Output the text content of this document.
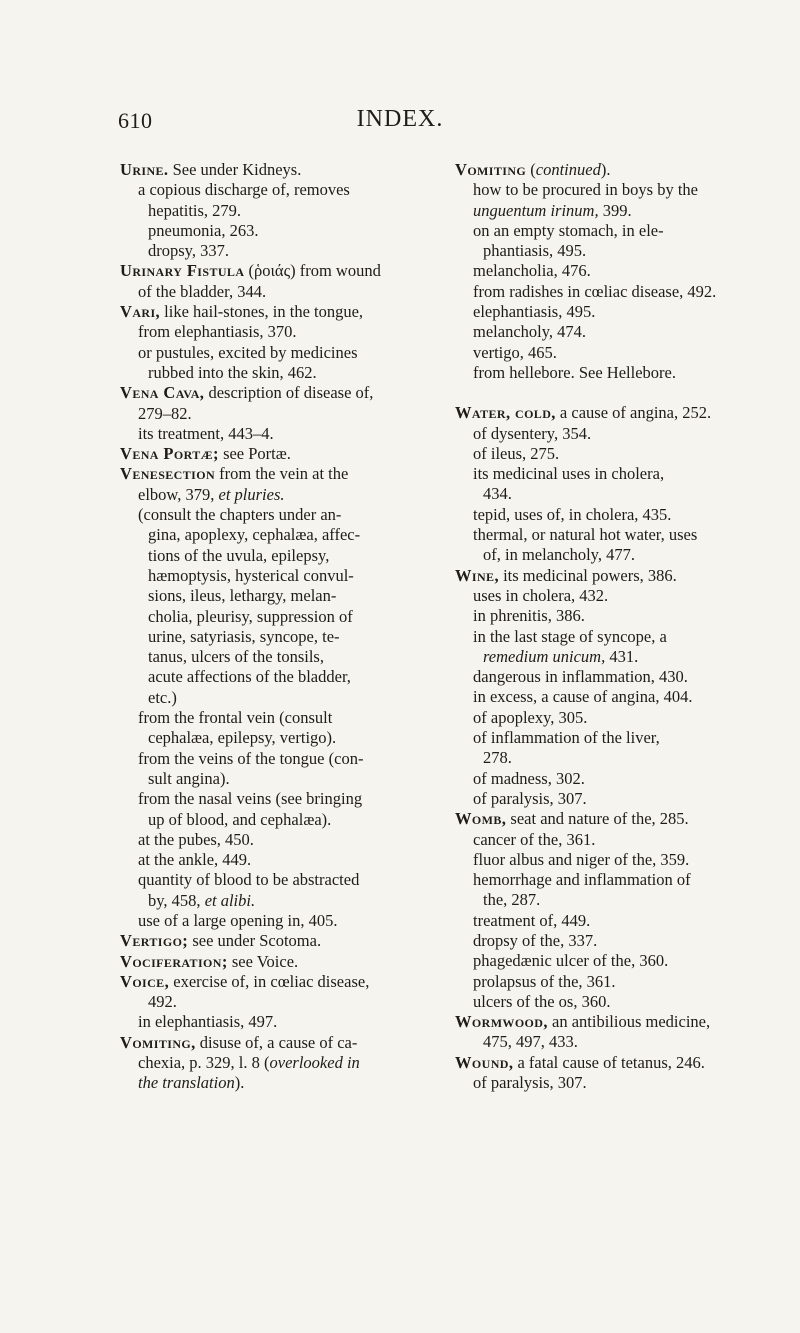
610	INDEX.
Urine. See under Kidneys.
a copious discharge of, removes
hepatitis, 279.
pneumonia, 263.
dropsy, 337.
Urinary Fistula (ῥοιάς) from wound
of the bladder, 344.
Vari, like hail-stones, in the tongue,
from elephantiasis, 370.
or pustules, excited by medicines
rubbed into the skin, 462.
Vena Cava, description of disease of,
279–82.
its treatment, 443–4.
Vena Portæ; see Portæ.
Venesection from the vein at the
elbow, 379, et pluries.
(consult the chapters under an-
gina, apoplexy, cephalæa, affec-
tions of the uvula, epilepsy,
hæmoptysis, hysterical convul-
sions, ileus, lethargy, melan-
cholia, pleurisy, suppression of
urine, satyriasis, syncope, te-
tanus, ulcers of the tonsils,
acute affections of the bladder,
etc.)
from the frontal vein (consult
cephalæa, epilepsy, vertigo).
from the veins of the tongue (con-
sult angina).
from the nasal veins (see bringing
up of blood, and cephalæa).
at the pubes, 450.
at the ankle, 449.
quantity of blood to be abstracted
by, 458, et alibi.
use of a large opening in, 405.
Vertigo; see under Scotoma.
Vociferation; see Voice.
Voice, exercise of, in cœliac disease,
492.
in elephantiasis, 497.
Vomiting, disuse of, a cause of ca-
chexia, p. 329, l. 8 (overlooked in
the translation).
Vomiting (continued).
how to be procured in boys by the
unguentum irinum, 399.
on an empty stomach, in ele-
phantiasis, 495.
melancholia, 476.
from radishes in cœliac disease, 492.
elephantiasis, 495.
melancholy, 474.
vertigo, 465.
from hellebore. See Hellebore.
Water, cold, a cause of angina, 252.
of dysentery, 354.
of ileus, 275.
its medicinal uses in cholera,
434.
tepid, uses of, in cholera, 435.
thermal, or natural hot water, uses
of, in melancholy, 477.
Wine, its medicinal powers, 386.
uses in cholera, 432.
in phrenitis, 386.
in the last stage of syncope, a
remedium unicum, 431.
dangerous in inflammation, 430.
in excess, a cause of angina, 404.
of apoplexy, 305.
of inflammation of the liver,
278.
of madness, 302.
of paralysis, 307.
Womb, seat and nature of the, 285.
cancer of the, 361.
fluor albus and niger of the, 359.
hemorrhage and inflammation of
the, 287.
treatment of, 449.
dropsy of the, 337.
phagedænic ulcer of the, 360.
prolapsus of the, 361.
ulcers of the os, 360.
Wormwood, an antibilious medicine,
475, 497, 433.
Wound, a fatal cause of tetanus, 246.
of paralysis, 307.
